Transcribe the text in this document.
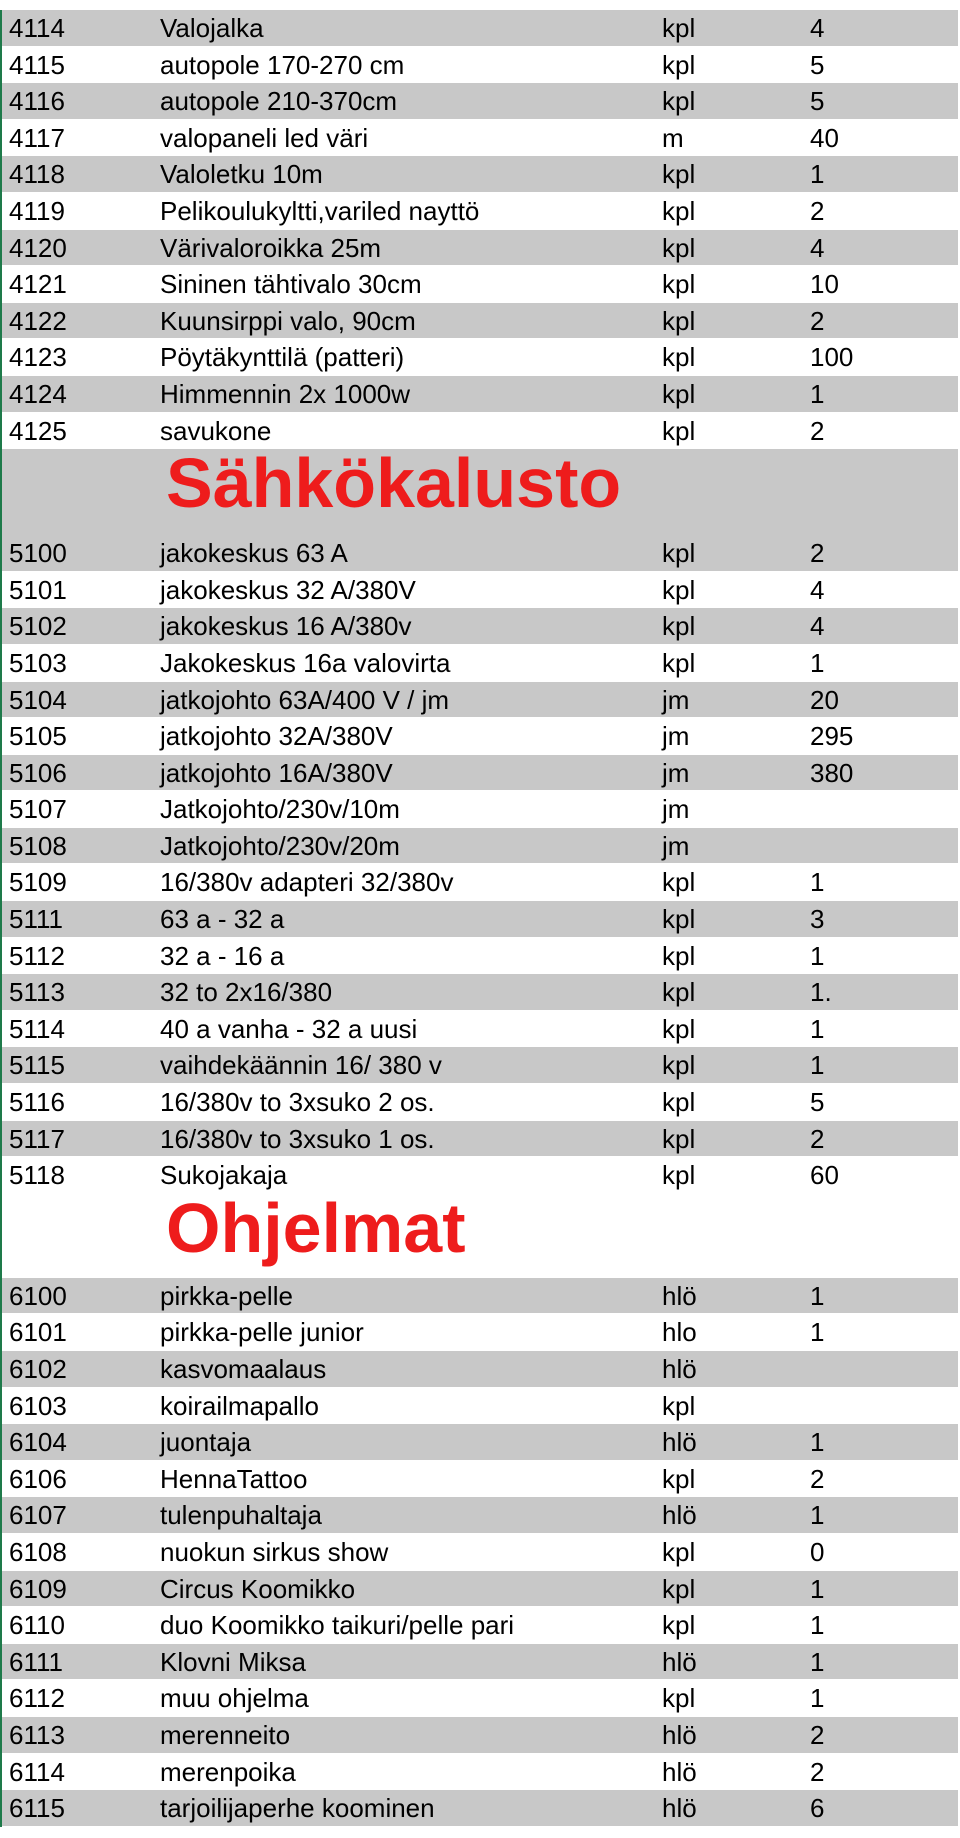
4114	Valojalka	kpl	4
4115	autopole 170-270 cm	kpl	5
4116	autopole 210-370cm	kpl	5
4117	valopaneli led väri	m	40
4118	Valoletku 10m	kpl	1
4119	Pelikoulukyltti,variled nayttö	kpl	2
4120	Värivaloroikka 25m	kpl	4
4121	Sininen tähtivalo 30cm	kpl	10
4122	Kuunsirppi valo, 90cm	kpl	2
4123	Pöytäkynttilä (patteri)	kpl	100
4124	Himmennin 2x 1000w	kpl	1
4125	savukone	kpl	2
Sähkökalusto
5100	jakokeskus 63 A	kpl	2
5101	jakokeskus 32 A/380V	kpl	4
5102	jakokeskus 16 A/380v	kpl	4
5103	Jakokeskus 16a valovirta	kpl	1
5104	jatkojohto 63A/400 V / jm	jm	20
5105	jatkojohto 32A/380V	jm	295
5106	jatkojohto 16A/380V	jm	380
5107	Jatkojohto/230v/10m	jm
5108	Jatkojohto/230v/20m	jm
5109	16/380v adapteri 32/380v	kpl	1
5111	63 a - 32 a	kpl	3
5112	32 a - 16 a	kpl	1
5113	32 to 2x16/380	kpl	1.
5114	40 a vanha - 32 a uusi	kpl	1
5115	vaihdekäännin 16/ 380 v	kpl	1
5116	16/380v to 3xsuko 2 os.	kpl	5
5117	16/380v to 3xsuko 1 os.	kpl	2
5118	Sukojakaja	kpl	60
Ohjelmat
6100	pirkka-pelle	hlö	1
6101	pirkka-pelle junior	hlo	1
6102	kasvomaalaus	hlö
6103	koirailmapallo	kpl
6104	juontaja	hlö	1
6106	HennaTattoo	kpl	2
6107	tulenpuhaltaja	hlö	1
6108	nuokun sirkus show	kpl	0
6109	Circus Koomikko	kpl	1
6110	duo Koomikko taikuri/pelle pari	kpl	1
6111	Klovni Miksa	hlö	1
6112	muu ohjelma	kpl	1
6113	merenneito	hlö	2
6114	merenpoika	hlö	2
6115	tarjoilijaperhe koominen	hlö	6
